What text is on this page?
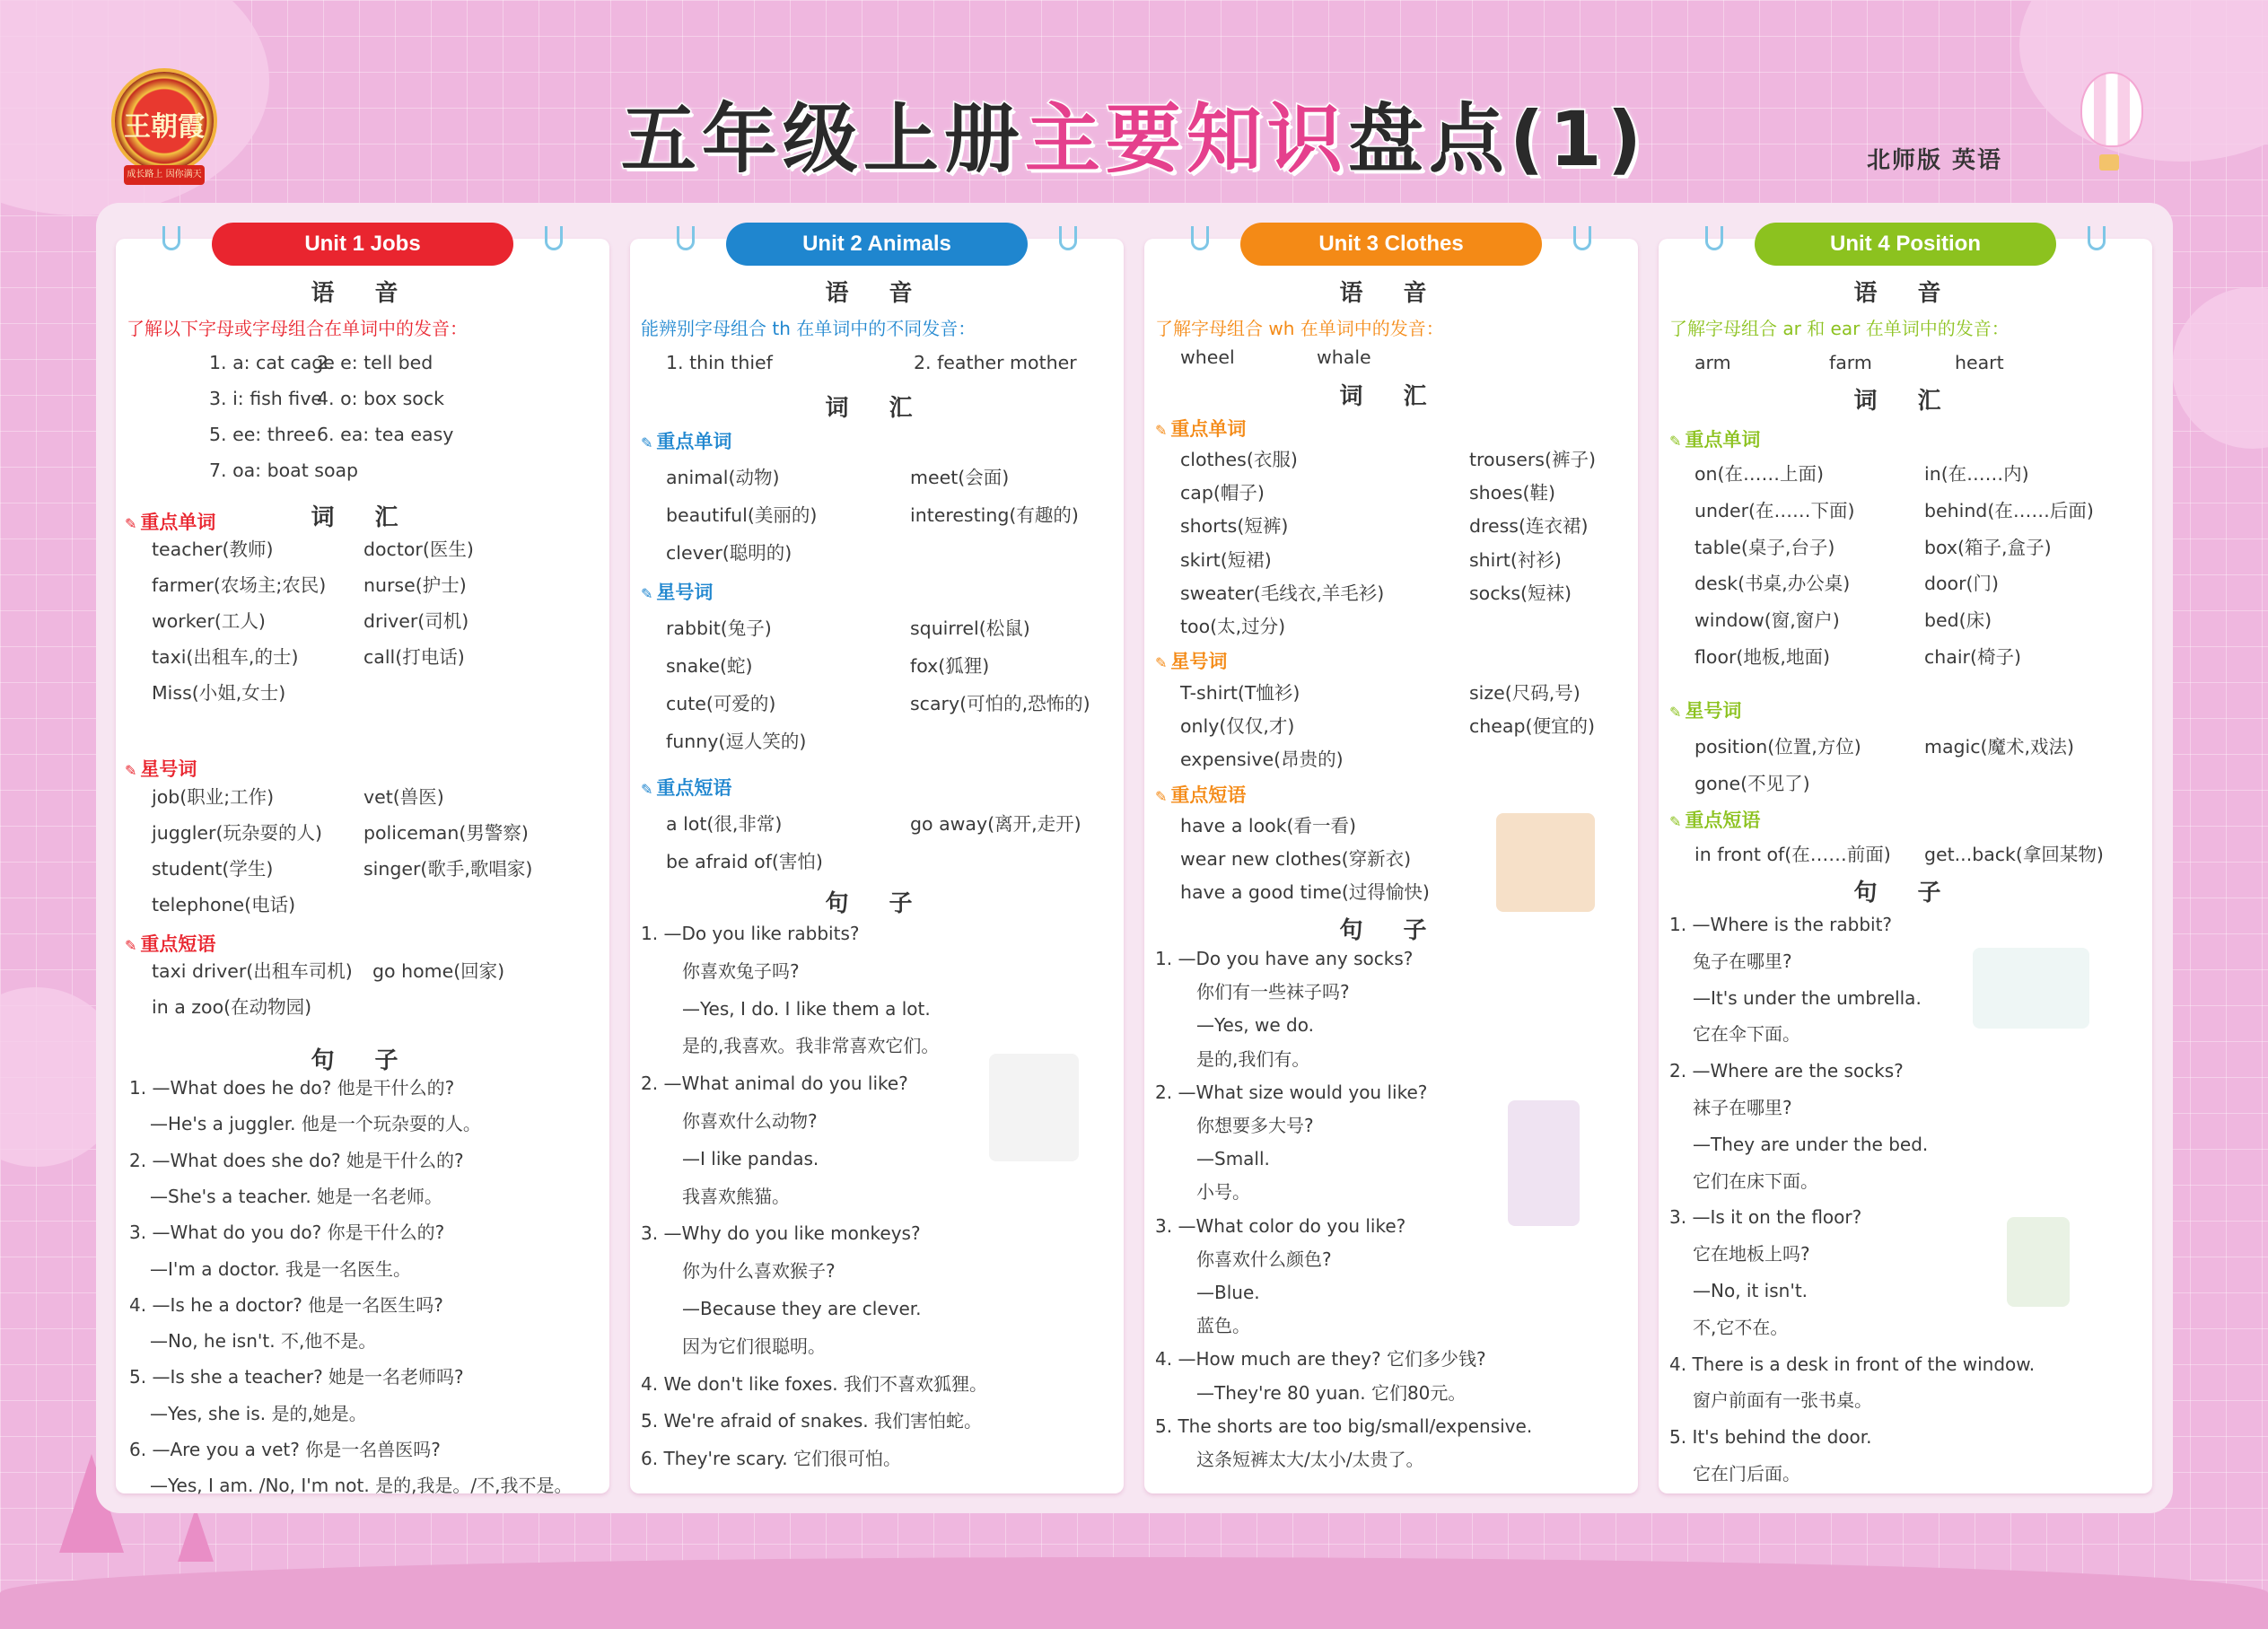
王朝霞
成长路上 因你满天	五年级上册主要知识盘点(1)	北师版 英语
Unit 1 Jobs
语 音
了解以下字母或字母组合在单词中的发音：
1. a: cat cage
2. e: tell bed
3. i: fish five
4. o: box sock
5. ee: three 6. ea: tea easy
7. oa: boat soap
词 汇
✎ 重点单词
teacher(教师)	doctor(医生)
farmer(农场主;农民) nurse(护士)
worker(工人)	driver(司机)
taxi(出租车,的士)	call(打电话)
Miss(小姐,女士)
✎ 星号词
job(职业;工作)	vet(兽医)
juggler(玩杂耍的人) policeman(男警察)
student(学生)	singer(歌手,歌唱家)
telephone(电话)
✎ 重点短语
taxi driver(出租车司机) go home(回家)
in a zoo(在动物园)
句 子
1. —What does he do? 他是干什么的?
—He's a juggler. 他是一个玩杂耍的人。
2. —What does she do? 她是干什么的?
—She's a teacher. 她是一名老师。
3. —What do you do? 你是干什么的?
—I'm a doctor. 我是一名医生。
4. —Is he a doctor? 他是一名医生吗?
—No, he isn't. 不,他不是。
5. —Is she a teacher? 她是一名老师吗?
—Yes, she is. 是的,她是。
6. —Are you a vet? 你是一名兽医吗?
—Yes, I am. /No, I'm not. 是的,我是。/不,我不是。
Unit 2 Animals
语 音
能辨别字母组合 th 在单词中的不同发音：
1. thin thief	2. feather mother
词 汇
✎ 重点单词
animal(动物)	meet(会面)
beautiful(美丽的)	interesting(有趣的)
clever(聪明的)
✎ 星号词
rabbit(兔子)	squirrel(松鼠)
snake(蛇)	fox(狐狸)
cute(可爱的)	scary(可怕的,恐怖的)
funny(逗人笑的)
✎ 重点短语
a lot(很,非常)	go away(离开,走开)
be afraid of(害怕)
句 子
1. —Do you like rabbits?
你喜欢兔子吗?
—Yes, I do. I like them a lot.
是的,我喜欢。我非常喜欢它们。
2. —What animal do you like?
你喜欢什么动物?
—I like pandas.
我喜欢熊猫。
3. —Why do you like monkeys?
你为什么喜欢猴子?
—Because they are clever.
因为它们很聪明。
4. We don't like foxes. 我们不喜欢狐狸。
5. We're afraid of snakes. 我们害怕蛇。
6. They're scary. 它们很可怕。
Unit 3 Clothes
语 音
了解字母组合 wh 在单词中的发音：
wheel	whale
词 汇
✎ 重点单词
clothes(衣服)	trousers(裤子)
cap(帽子)	shoes(鞋)
shorts(短裤)	dress(连衣裙)
skirt(短裙)	shirt(衬衫)
sweater(毛线衣,羊毛衫)	socks(短袜)
too(太,过分)
✎ 星号词
T-shirt(T恤衫)	size(尺码,号)
only(仅仅,才)	cheap(便宜的)
expensive(昂贵的)
✎ 重点短语
have a look(看一看)
wear new clothes(穿新衣)
have a good time(过得愉快)
句 子
1. —Do you have any socks?
你们有一些袜子吗?
—Yes, we do.
是的,我们有。
2. —What size would you like?
你想要多大号?
—Small.
小号。
3. —What color do you like?
你喜欢什么颜色?
—Blue.
蓝色。
4. —How much are they? 它们多少钱?
—They're 80 yuan. 它们80元。
5. The shorts are too big/small/expensive.
这条短裤太大/太小/太贵了。
Unit 4 Position
语 音
了解字母组合 ar 和 ear 在单词中的发音：
arm	farm	heart
词 汇
✎ 重点单词
on(在……上面)	in(在……内)
under(在……下面)	behind(在……后面)
table(桌子,台子)	box(箱子,盒子)
desk(书桌,办公桌)	door(门)
window(窗,窗户)	bed(床)
floor(地板,地面)	chair(椅子)
✎ 星号词
position(位置,方位)	magic(魔术,戏法)
gone(不见了)
✎ 重点短语
in front of(在……前面) get...back(拿回某物)
句 子
1. —Where is the rabbit?
兔子在哪里?
—It's under the umbrella.
它在伞下面。
2. —Where are the socks?
袜子在哪里?
—They are under the bed.
它们在床下面。
3. —Is it on the floor?
它在地板上吗?
—No, it isn't.
不,它不在。
4. There is a desk in front of the window.
窗户前面有一张书桌。
5. It's behind the door.
它在门后面。
